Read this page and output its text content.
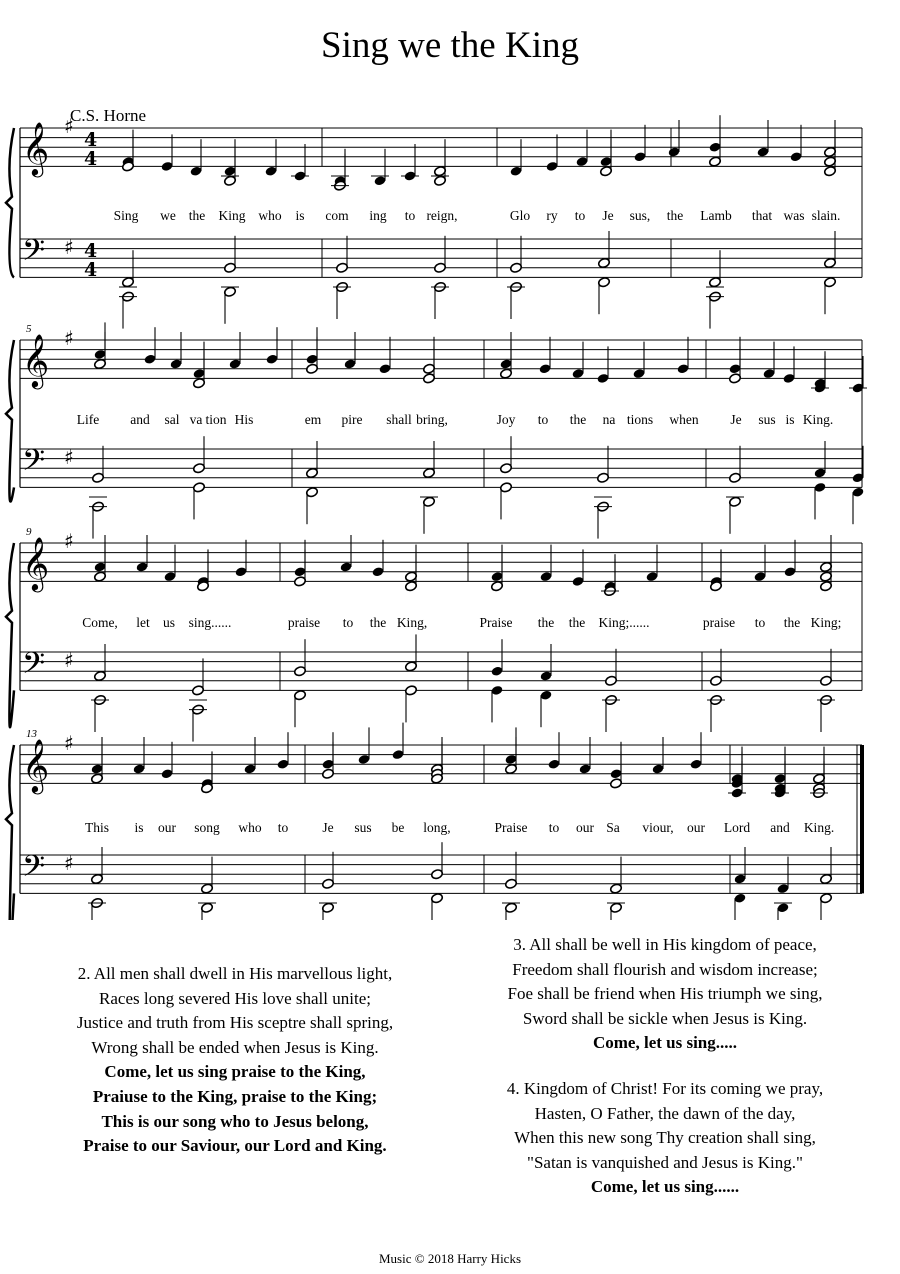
Sing we the King
C.S. Horne
𝄞
𝄢
♯
♯
4
4
4
4
Sing we the King who is com ing to reign,	Glo ry to Je sus, the Lamb that was slain.
𝄞
𝄢
♯
♯
5
Life and sal va tion His	em pire shall bring,	Joy to the na tions when Je sus is King.
𝄞
𝄢
♯
♯
9
Come, let us sing......	praise to the King,	Praise the the King;......	praise to the King;
𝄞
𝄢
♯
♯
13
This is our song who to	Je sus be long,	Praise to our Sa viour, our Lord and King.
2. All men shall dwell in His marvellous light,
Races long severed His love shall unite;
Justice and truth from His sceptre shall spring,
Wrong shall be ended when Jesus is King.
Come, let us sing praise to the King,
Praiuse to the King, praise to the King;
This is our song who to Jesus belong,
Praise to our Saviour, our Lord and King.
3. All shall be well in His kingdom of peace,
Freedom shall flourish and wisdom increase;
Foe shall be friend when His triumph we sing,
Sword shall be sickle when Jesus is King.
Come, let us sing.....
4. Kingdom of Christ! For its coming we pray,
Hasten, O Father, the dawn of the day,
When this new song Thy creation shall sing,
"Satan is vanquished and Jesus is King."
Come, let us sing......
Music © 2018 Harry Hicks
